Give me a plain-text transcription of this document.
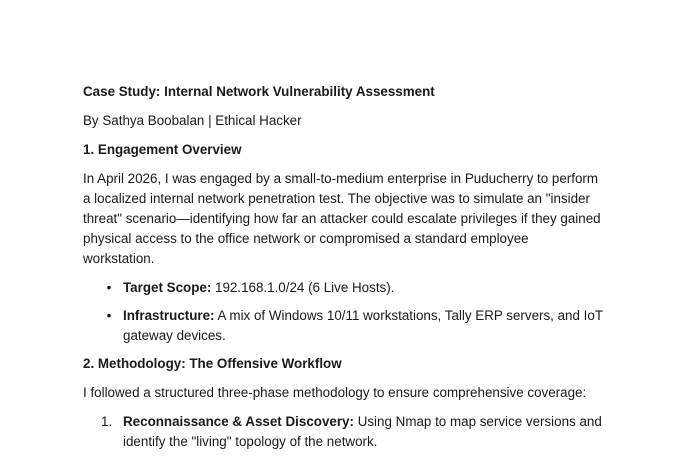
Case Study: Internal Network Vulnerability Assessment
By Sathya Boobalan | Ethical Hacker
1. Engagement Overview
In April 2026, I was engaged by a small-to-medium enterprise in Puducherry to perform a localized internal network penetration test. The objective was to simulate an "insider threat" scenario—identifying how far an attacker could escalate privileges if they gained physical access to the office network or compromised a standard employee workstation.
• Target Scope: 192.168.1.0/24 (6 Live Hosts).
• Infrastructure: A mix of Windows 10/11 workstations, Tally ERP servers, and IoT gateway devices.
2. Methodology: The Offensive Workflow
I followed a structured three-phase methodology to ensure comprehensive coverage:
1. Reconnaissance & Asset Discovery: Using Nmap to map service versions and identify the "living" topology of the network.
